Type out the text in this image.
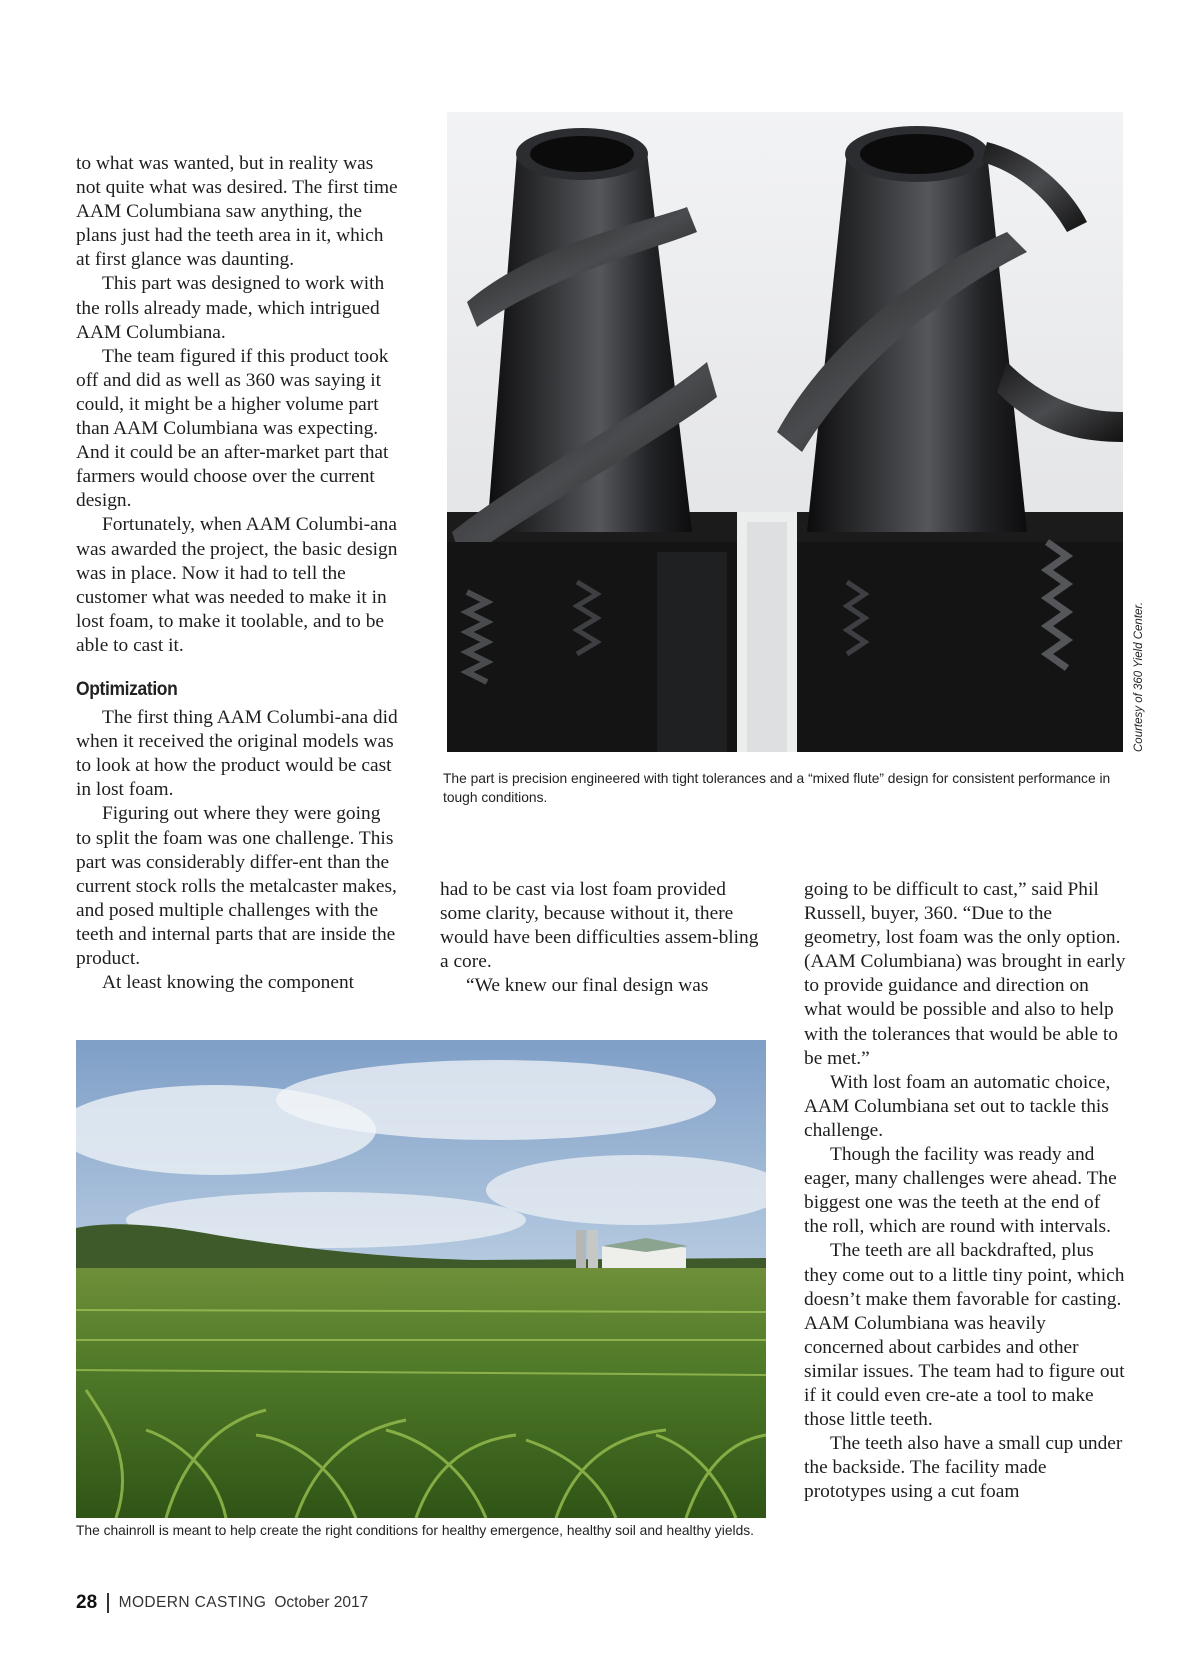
to what was wanted, but in reality was not quite what was desired. The first time AAM Columbiana saw anything, the plans just had the teeth area in it, which at first glance was daunting.

This part was designed to work with the rolls already made, which intrigued AAM Columbiana.

The team figured if this product took off and did as well as 360 was saying it could, it might be a higher volume part than AAM Columbiana was expecting. And it could be an after-market part that farmers would choose over the current design.

Fortunately, when AAM Columbi-ana was awarded the project, the basic design was in place. Now it had to tell the customer what was needed to make it in lost foam, to make it toolable, and to be able to cast it.

Optimization

The first thing AAM Columbi-ana did when it received the original models was to look at how the product would be cast in lost foam.

Figuring out where they were going to split the foam was one challenge. This part was considerably differ-ent than the current stock rolls the metalcaster makes, and posed multiple challenges with the teeth and internal parts that are inside the product.

At least knowing the component

had to be cast via lost foam provided some clarity, because without it, there would have been difficulties assem-bling a core.

“We knew our final design was

going to be difficult to cast,” said Phil Russell, buyer, 360. “Due to the geometry, lost foam was the only option. (AAM Columbiana) was brought in early to provide guidance and direction on what would be possible and also to help with the tolerances that would be able to be met.”

With lost foam an automatic choice, AAM Columbiana set out to tackle this challenge.

Though the facility was ready and eager, many challenges were ahead. The biggest one was the teeth at the end of the roll, which are round with intervals.

The teeth are all backdrafted, plus they come out to a little tiny point, which doesn’t make them favorable for casting. AAM Columbiana was heavily concerned about carbides and other similar issues. The team had to figure out if it could even cre-ate a tool to make those little teeth.

The teeth also have a small cup under the backside. The facility made prototypes using a cut foam

The part is precision engineered with tight tolerances and a “mixed flute” design for consistent performance in tough conditions.
Courtesy of 360 Yield Center.
The chainroll is meant to help create the right conditions for healthy emergence, healthy soil and healthy yields.
28 MODERN CASTING October 2017
